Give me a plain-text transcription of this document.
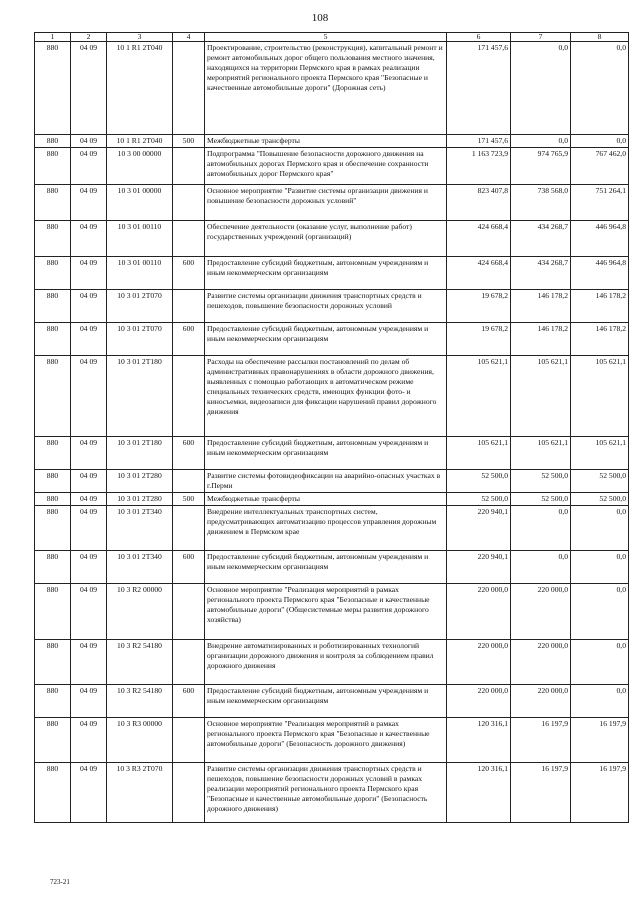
108
1	2	3	4	5	6	7	8
880	04 09	10 1 R1 2T040		Проектирование, строительство (реконструкция), капитальный ремонт и ремонт автомобильных дорог общего пользования местного значения, находящихся на территории Пермского края в рамках реализации мероприятий регионального проекта Пермского края "Безопасные и качественные автомобильные дороги" (Дорожная сеть)	171 457,6	0,0	0,0
880	04 09	10 1 R1 2T040	500	Межбюджетные трансферты	171 457,6	0,0	0,0
880	04 09	10 3 00 00000		Подпрограмма "Повышение безопасности дорожного движения на автомобильных дорогах Пермского края и обеспечение сохранности автомобильных дорог Пермского края"	1 163 723,9	974 765,9	767 462,0
880	04 09	10 3 01 00000		Основное мероприятие "Развитие системы организации движения и повышение безопасности дорожных условий"	823 407,8	738 568,0	751 264,1
880	04 09	10 3 01 00110		Обеспечение деятельности (оказание услуг, выполнение работ) государственных учреждений (организаций)	424 668,4	434 268,7	446 964,8
880	04 09	10 3 01 00110	600	Предоставление субсидий бюджетным, автономным учреждениям и иным некоммерческим организациям	424 668,4	434 268,7	446 964,8
880	04 09	10 3 01 2T070		Развитие системы организации движения транспортных средств и пешеходов, повышение безопасности дорожных условий	19 678,2	146 178,2	146 178,2
880	04 09	10 3 01 2T070	600	Предоставление субсидий бюджетным, автономным учреждениям и иным некоммерческим организациям	19 678,2	146 178,2	146 178,2
880	04 09	10 3 01 2T180		Расходы на обеспечение рассылки постановлений по делам об административных правонарушениях в области дорожного движения, выявленных с помощью работающих в автоматическом режиме специальных технических средств, имеющих функции фото- и киносъемки, видеозаписи для фиксации нарушений правил дорожного движения	105 621,1	105 621,1	105 621,1
880	04 09	10 3 01 2T180	600	Предоставление субсидий бюджетным, автономным учреждениям и иным некоммерческим организациям	105 621,1	105 621,1	105 621,1
880	04 09	10 3 01 2T280		Развитие системы фотовидеофиксации на аварийно-опасных участках в г.Перми	52 500,0	52 500,0	52 500,0
880	04 09	10 3 01 2T280	500	Межбюджетные трансферты	52 500,0	52 500,0	52 500,0
880	04 09	10 3 01 2T340		Внедрение интеллектуальных транспортных систем, предусматривающих автоматизацию процессов управления дорожным движением в Пермском крае	220 940,1	0,0	0,0
880	04 09	10 3 01 2T340	600	Предоставление субсидий бюджетным, автономным учреждениям и иным некоммерческим организациям	220 940,1	0,0	0,0
880	04 09	10 3 R2 00000		Основное мероприятие "Реализация мероприятий в рамках регионального проекта Пермского края "Безопасные и качественные автомобильные дороги" (Общесистемные меры развития дорожного хозяйства)	220 000,0	220 000,0	0,0
880	04 09	10 3 R2 54180		Внедрение автоматизированных и роботизированных технологий организации дорожного движения и контроля за соблюдением правил дорожного движения	220 000,0	220 000,0	0,0
880	04 09	10 3 R2 54180	600	Предоставление субсидий бюджетным, автономным учреждениям и иным некоммерческим организациям	220 000,0	220 000,0	0,0
880	04 09	10 3 R3 00000		Основное мероприятие "Реализация мероприятий в рамках регионального проекта Пермского края "Безопасные и качественные автомобильные дороги" (Безопасность дорожного движения)	120 316,1	16 197,9	16 197,9
880	04 09	10 3 R3 2T070		Развитие системы организации движения транспортных средств и пешеходов, повышение безопасности дорожных условий в рамках реализации мероприятий регионального проекта Пермского края "Безопасные и качественные автомобильные дороги" (Безопасность дорожного движения)	120 316,1	16 197,9	16 197,9
723-21
